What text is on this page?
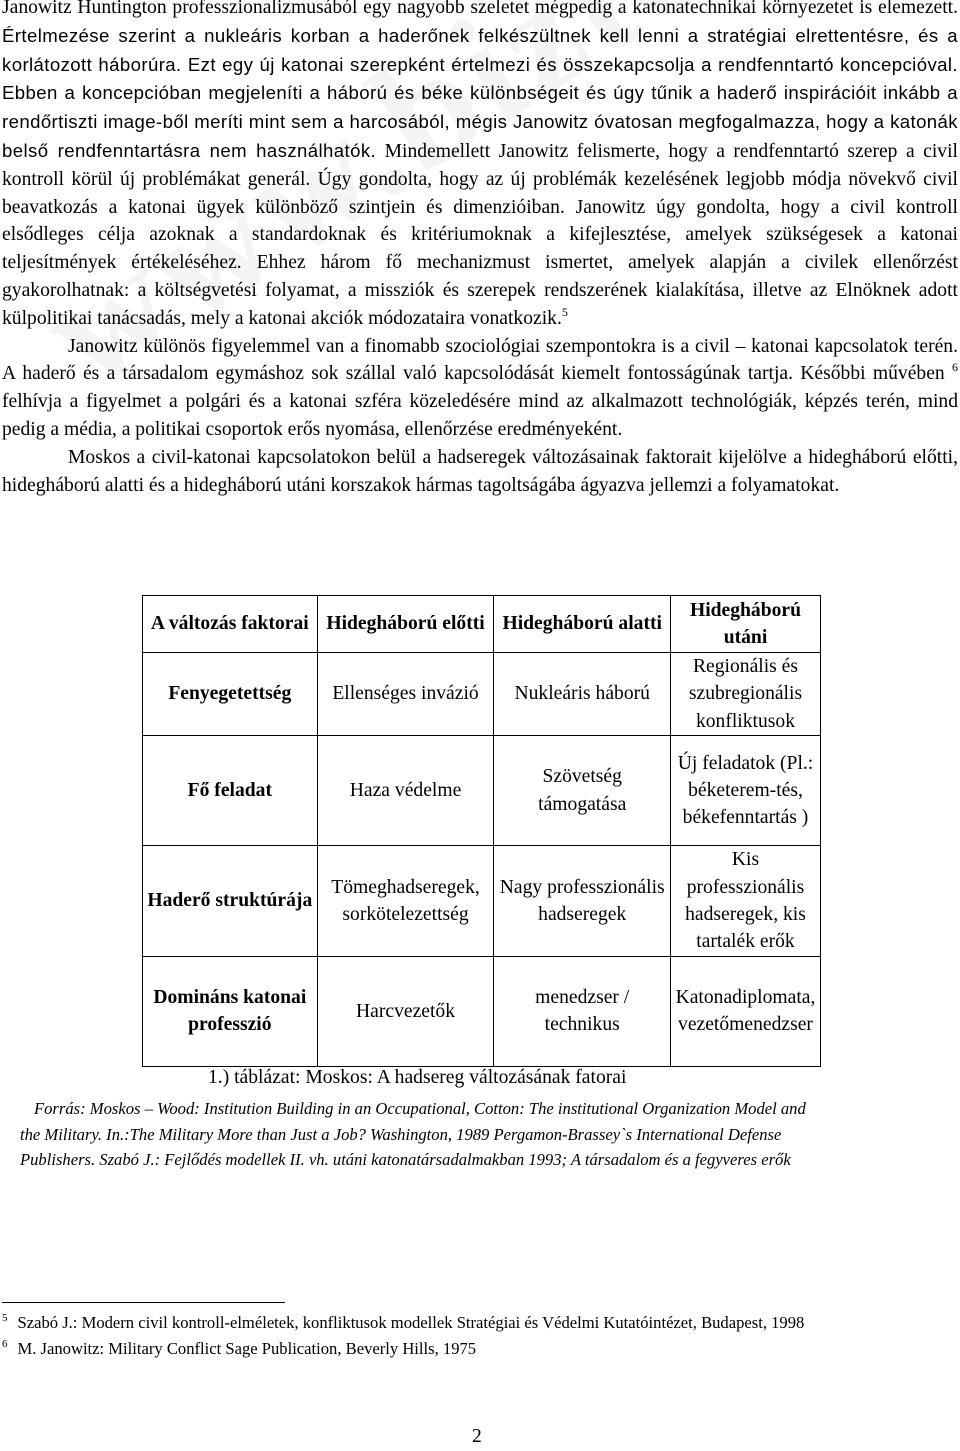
Janowitz Huntington professzionalizmusából egy nagyobb szeletet mégpedig a katonatechnikai környezetet is elemezett. Értelmezése szerint a nukleáris korban a haderőnek felkészültnek kell lenni a stratégiai elrettentésre, és a korlátozott háborúra. Ezt egy új katonai szerepként értelmezi és összekapcsolja a rendfenntartó koncepcióval. Ebben a koncepcióban megjeleníti a háború és béke különbségeit és úgy tűnik a haderő inspirációit inkább a rendőrtiszti image-ből meríti mint sem a harcosából, mégis Janowitz óvatosan megfogalmazza, hogy a katonák belső rendfenntartásra nem használhatók. Mindemellett Janowitz felismerte, hogy a rendfenntartó szerep a civil kontroll körül új problémákat generál. Úgy gondolta, hogy az új problémák kezelésének legjobb módja növekvő civil beavatkozás a katonai ügyek különböző szintjein és dimenzióiban. Janowitz úgy gondolta, hogy a civil kontroll elsődleges célja azoknak a standardoknak és kritériumoknak a kifejlesztése, amelyek szükségesek a katonai teljesítmények értékeléséhez. Ehhez három fő mechanizmust ismertet, amelyek alapján a civilek ellenőrzést gyakorolhatnak: a költségvetési folyamat, a missziók és szerepek rendszerének kialakítása, illetve az Elnöknek adott külpolitikai tanácsadás, mely a katonai akciók módozataira vonatkozik.$^5$

Janowitz különös figyelemmel van a finomabb szociológiai szempontokra is a civil – katonai kapcsolatok terén. A haderő és a társadalom egymáshoz sok szállal való kapcsolódását kiemelt fontosságúnak tartja. Későbbi művében $^6$ felhívja a figyelmet a polgári és a katonai szféra közeledésére mind az alkalmazott technológiák, képzés terén, mind pedig a média, a politikai csoportok erős nyomása, ellenőrzése eredményeként.

Moskos a civil-katonai kapcsolatokon belül a hadseregek változásainak faktorait kijelölve a hidegháború előtti, hidegháború alatti és a hidegháború utáni korszakok hármas tagoltságába ágyazva jellemzi a folyamatokat.

A változás faktorai	Hidegháború előtti	Hidegháború alatti	Hidegháború utáni
Fenyegetettség	Ellenséges invázió	Nukleáris háború	Regionális és szubregionális konfliktusok
Fő feladat	Haza védelme	Szövetség támogatása	Új feladatok (Pl.: béketerem-tés, békefenntartás )
Haderő struktúrája	Tömeghadseregek, sorkötelezettség	Nagy professzionális hadseregek	Kis professzionális hadseregek, kis tartalék erők
Domináns katonai professzió	Harcvezetők	menedzser / technikus	Katonadiplomata, vezetőmenedzser
1.) táblázat: Moskos: A hadsereg változásának fatorai
Forrás: Moskos – Wood: Institution Building in an Occupational, Cotton: The institutional Organization Model and
the Military. In.:The Military More than Just a Job? Washington, 1989 Pergamon-Brassey`s International Defense
Publishers. Szabó J.: Fejlődés modellek II. vh. utáni katonatársadalmakban 1993; A társadalom és a fegyveres erők

$^5$ Szabó J.: Modern civil kontroll-elméletek, konfliktusok modellek Stratégiai és Védelmi Kutatóintézet, Budapest, 1998

$^6$ M. Janowitz: Military Conflict Sage Publication, Beverly Hills, 1975

2
